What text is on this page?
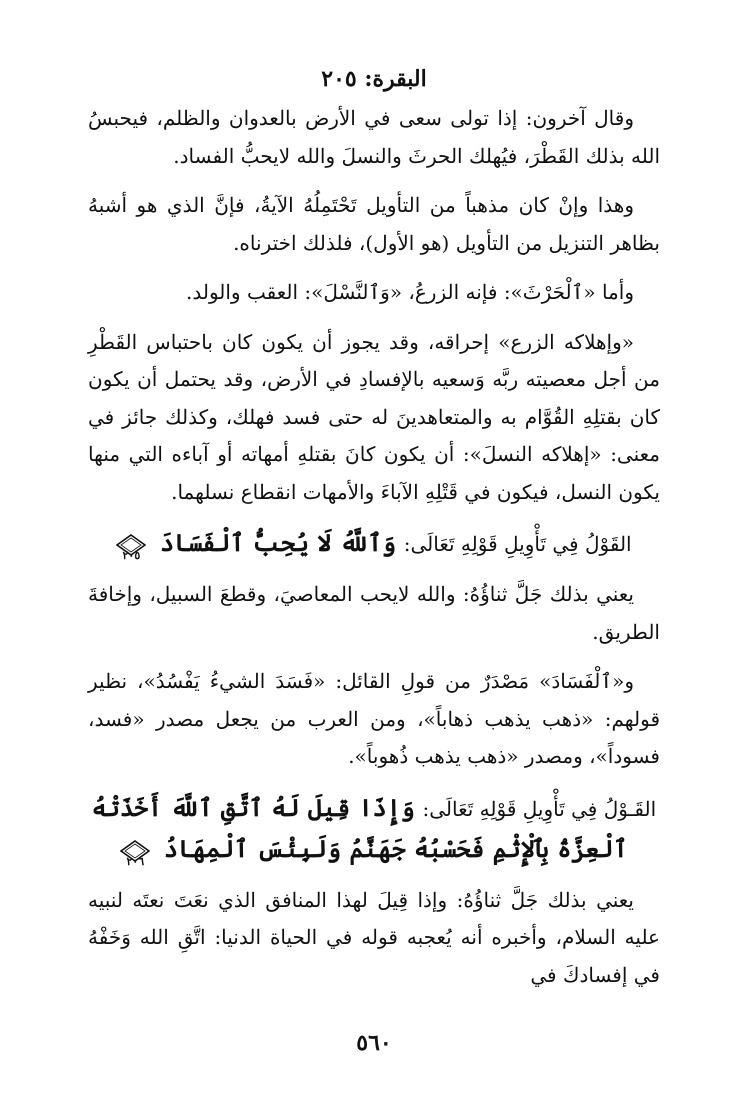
البقرة: ٢٠٥

وقال آخرون: إذا تولى سعى في الأرض بالعدوان والظلم، فيحبسُ الله بذلك القَطْرَ، فيُهلك الحرثَ والنسلَ والله لايحبُّ الفساد.

وهذا وإنْ كان مذهباً من التأويل تَحْتَمِلُهُ الآيةُ، فإنَّ الذي هو أشبهُ بظاهر التنزيل من التأويل (هو الأول)، فلذلك اخترناه.

وأما «ٱلْحَرْثَ»: فإنه الزرعُ، «وَٱلنَّسْلَ»: العقب والولد.

«وإهلاكه الزرع» إحراقه، وقد يجوز أن يكون كان باحتباس القَطْرِ من أجل معصيته ربَّه وَسعيه بالإفسادِ في الأرض، وقد يحتمل أن يكون كان بقتلِهِ القُوَّام به والمتعاهدينَ له حتى فسد فهلك، وكذلك جائز في معنى: «إهلاكه النسلَ»: أن يكون كانَ بقتلهِ أمهاته أو آباءه التي منها يكون النسل، فيكون في قَتْلِهِ الآباءَ والأمهات انقطاع نسلهما.

القَوْلُ فِي تَأْوِيلِ قَوْلِهِ تَعَالَى: وَٱللَّهُ لَا يُحِبُّ ٱلْفَسَادَ
٢٠٥

يعني بذلك جَلَّ ثناؤُهُ: والله لايحب المعاصيَ، وقطعَ السبيل، وإخافةَ الطريق.

و«ٱلْفَسَادَ» مَصْدَرٌ من قولِ القائل: «فَسَدَ الشيءُ يَفْسُدُ»، نظير قولهم: «ذهب يذهب ذهاباً»، ومن العرب من يجعل مصدر «فسد، فسوداً»، ومصدر «ذهب يذهب ذُهوباً».

القَـوْلُ فِي تَأْوِيلِ قَوْلِهِ تَعَالَى: وَإِذَا قِيلَ لَهُ ٱتَّقِ ٱللَّهَ أَخَذَتْهُ ٱلْعِزَّةُ بِٱلْإِثْمِ فَحَسْبُهُ جَهَنَّمُ وَلَبِئْسَ ٱلْمِهَادُ
٢٠٦

يعني بذلك جَلَّ ثناؤُهُ: وإذا قِيلَ لهذا المنافق الذي نعَتَ نعتَه لنبيه عليه السلام، وأخبره أنه يُعجبه قوله في الحياة الدنيا: اتَّقِ الله وَخَفْهُ في إفسادكَ في

٥٦٠
